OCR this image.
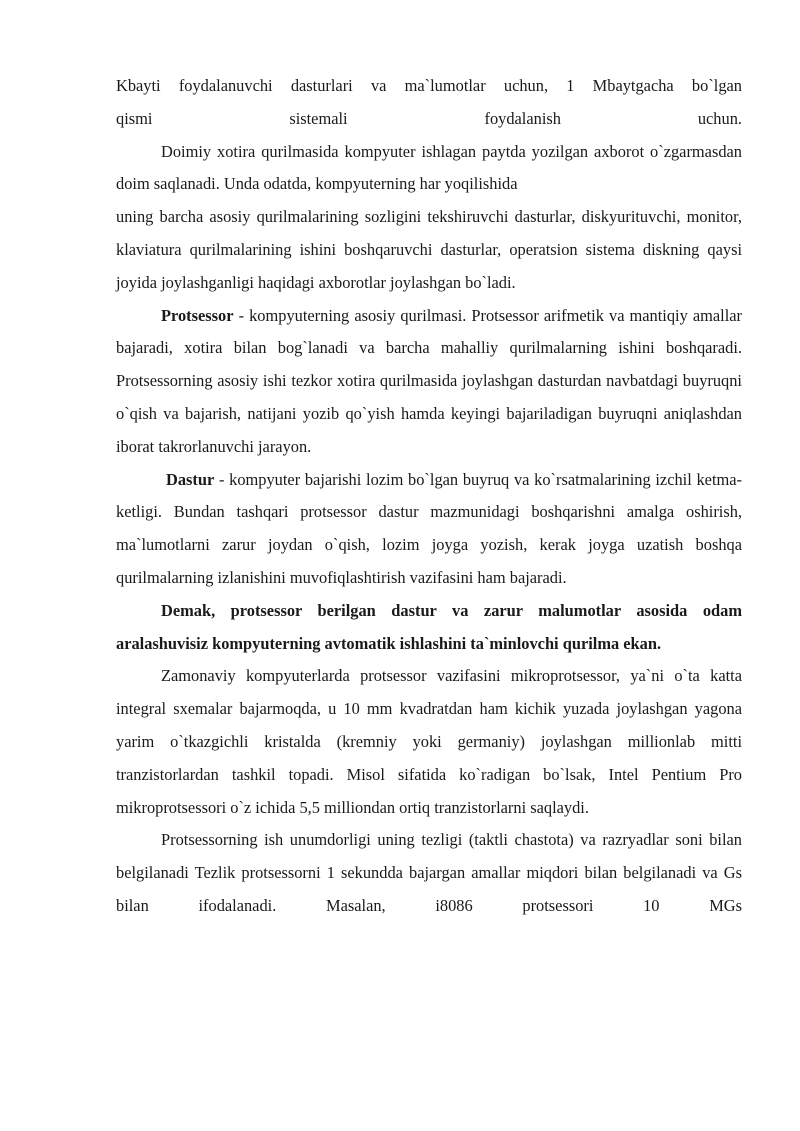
Kbayti foydalanuvchi dasturlari va ma`lumotlar uchun, 1 Mbaytgacha bo`lgan
qismi sistemali foydalanish uchun.

Doimiy xotira qurilmasida kompyuter ishlagan paytda yozilgan axborot o`zgarmasdan doim saqlanadi. Unda odatda, kompyuterning har yoqilishida

uning barcha asosiy qurilmalarining sozligini tekshiruvchi dasturlar, diskyurituvchi, monitor, klaviatura qurilmalarining ishini boshqaruvchi dasturlar, operatsion sistema diskning qaysi joyida joylashganligi haqidagi axborotlar joylashgan bo`ladi.

Protsessor - kompyuterning asosiy qurilmasi. Protsessor arifmetik va mantiqiy amallar bajaradi, xotira bilan bog`lanadi va barcha mahalliy qurilmalarning ishini boshqaradi. Protsessorning asosiy ishi tezkor xotira qurilmasida joylashgan dasturdan navbatdagi buyruqni o`qish va bajarish, natijani yozib qo`yish hamda keyingi bajariladigan buyruqni aniqlashdan iborat takrorlanuvchi jarayon.

Dastur - kompyuter bajarishi lozim bo`lgan buyruq va ko`rsatmalarining izchil ketma-ketligi. Bundan tashqari protsessor dastur mazmunidagi boshqarishni amalga oshirish, ma`lumotlarni zarur joydan o`qish, lozim joyga yozish, kerak joyga uzatish boshqa qurilmalarning izlanishini muvofiqlashtirish vazifasini ham bajaradi.

Demak, protsessor berilgan dastur va zarur malumotlar asosida odam aralashuvisiz kompyuterning avtomatik ishlashini ta`minlovchi qurilma ekan.

Zamonaviy kompyuterlarda protsessor vazifasini mikroprotsessor, ya`ni o`ta katta integral sxemalar bajarmoqda, u 10 mm kvadratdan ham kichik yuzada joylashgan yagona yarim o`tkazgichli kristalda (kremniy yoki germaniy) joylashgan millionlab mitti tranzistorlardan tashkil topadi. Misol sifatida ko`radigan bo`lsak, Intel Pentium Pro mikroprotsessori o`z ichida 5,5 milliondan ortiq tranzistorlarni saqlaydi.

Protsessorning ish unumdorligi uning tezligi (taktli chastota) va razryadlar soni bilan belgilanadi Tezlik protsessorni 1 sekundda bajargan amallar miqdori bilan belgilanadi va Gs bilan ifodalanadi. Masalan, i8086 protsessori 10 MGs
